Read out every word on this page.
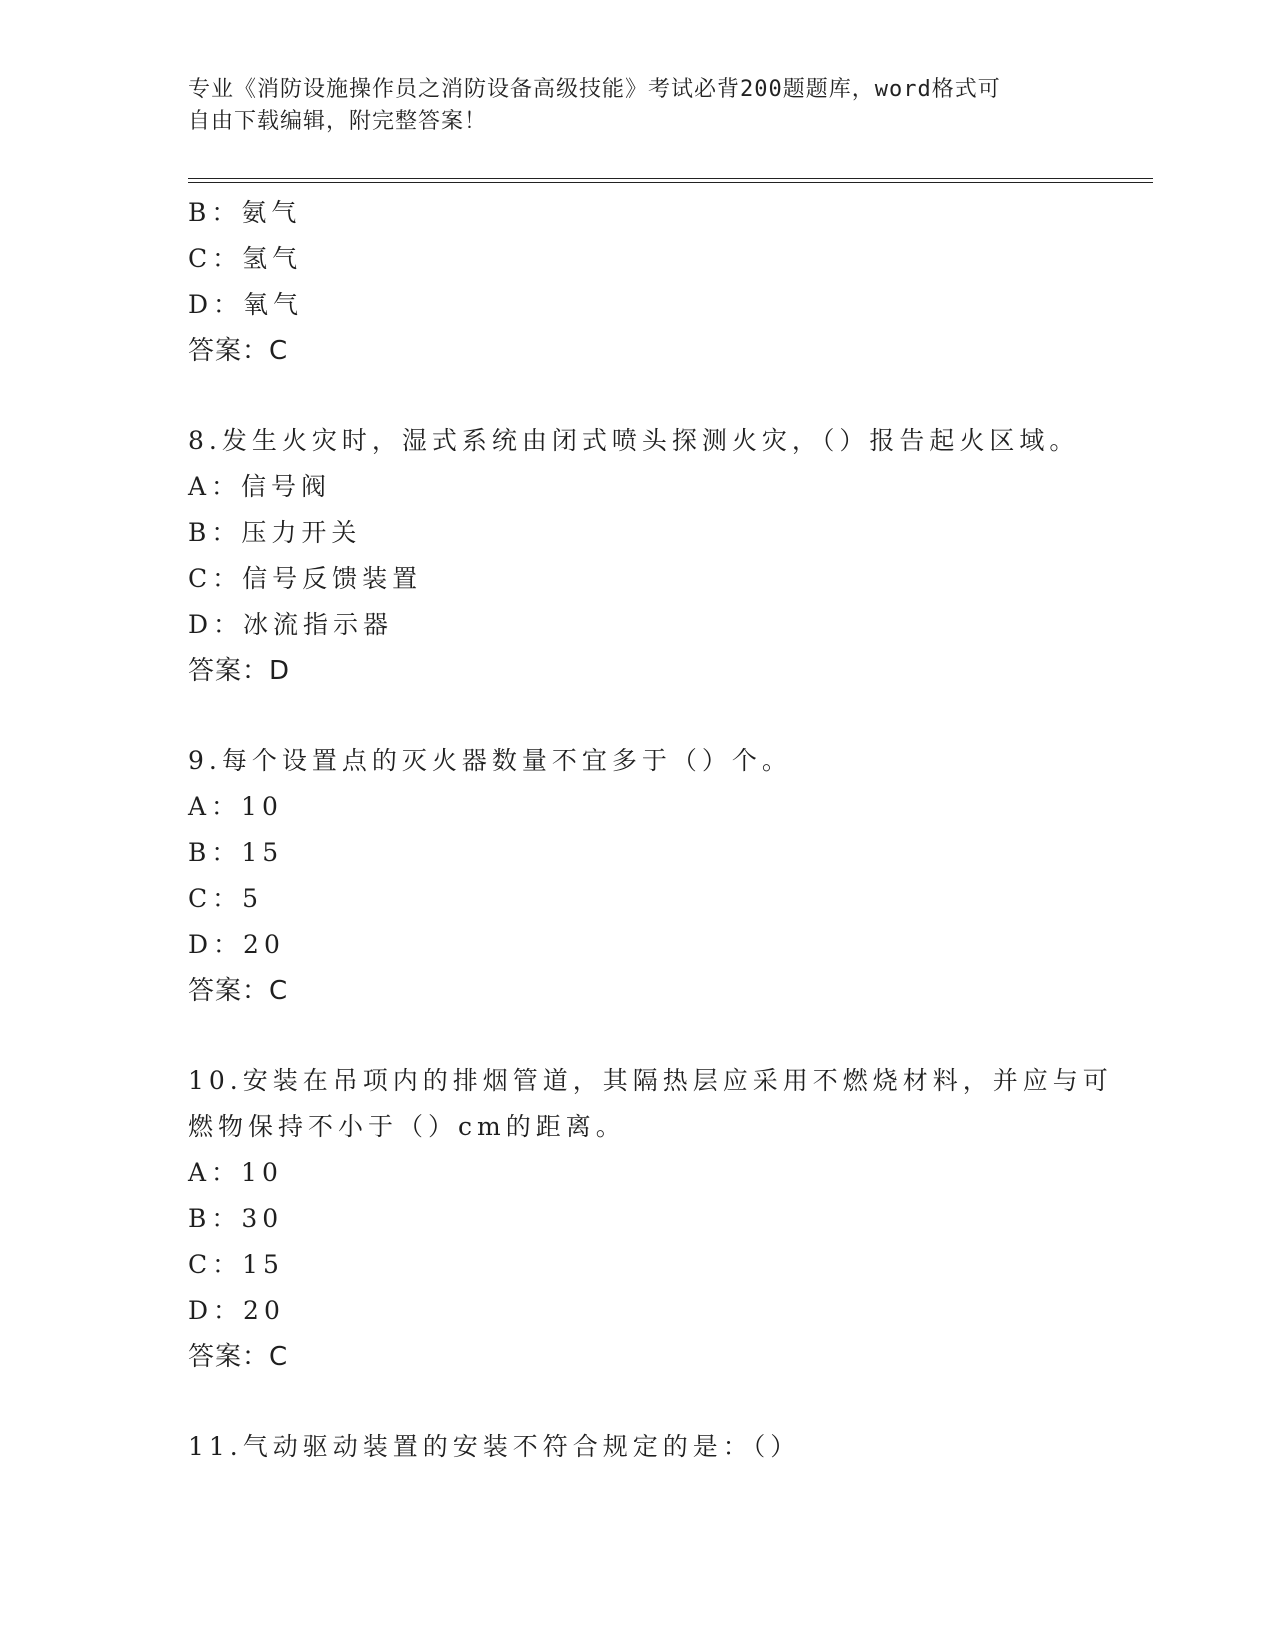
专业《消防设施操作员之消防设备高级技能》考试必背200题题库，word格式可
自由下载编辑，附完整答案！
B：氨气
C：氢气
D：氧气
答案：C
8.发生火灾时，湿式系统由闭式喷头探测火灾，（）报告起火区域。
A：信号阀
B：压力开关
C：信号反馈装置
D：冰流指示器
答案：D
9.每个设置点的灭火器数量不宜多于（）个。
A：10
B：15
C：5
D：20
答案：C
10.安装在吊项内的排烟管道，其隔热层应采用不燃烧材料，并应与可
燃物保持不小于（）cm的距离。
A：10
B：30
C：15
D：20
答案：C
11.气动驱动装置的安装不符合规定的是：（）
